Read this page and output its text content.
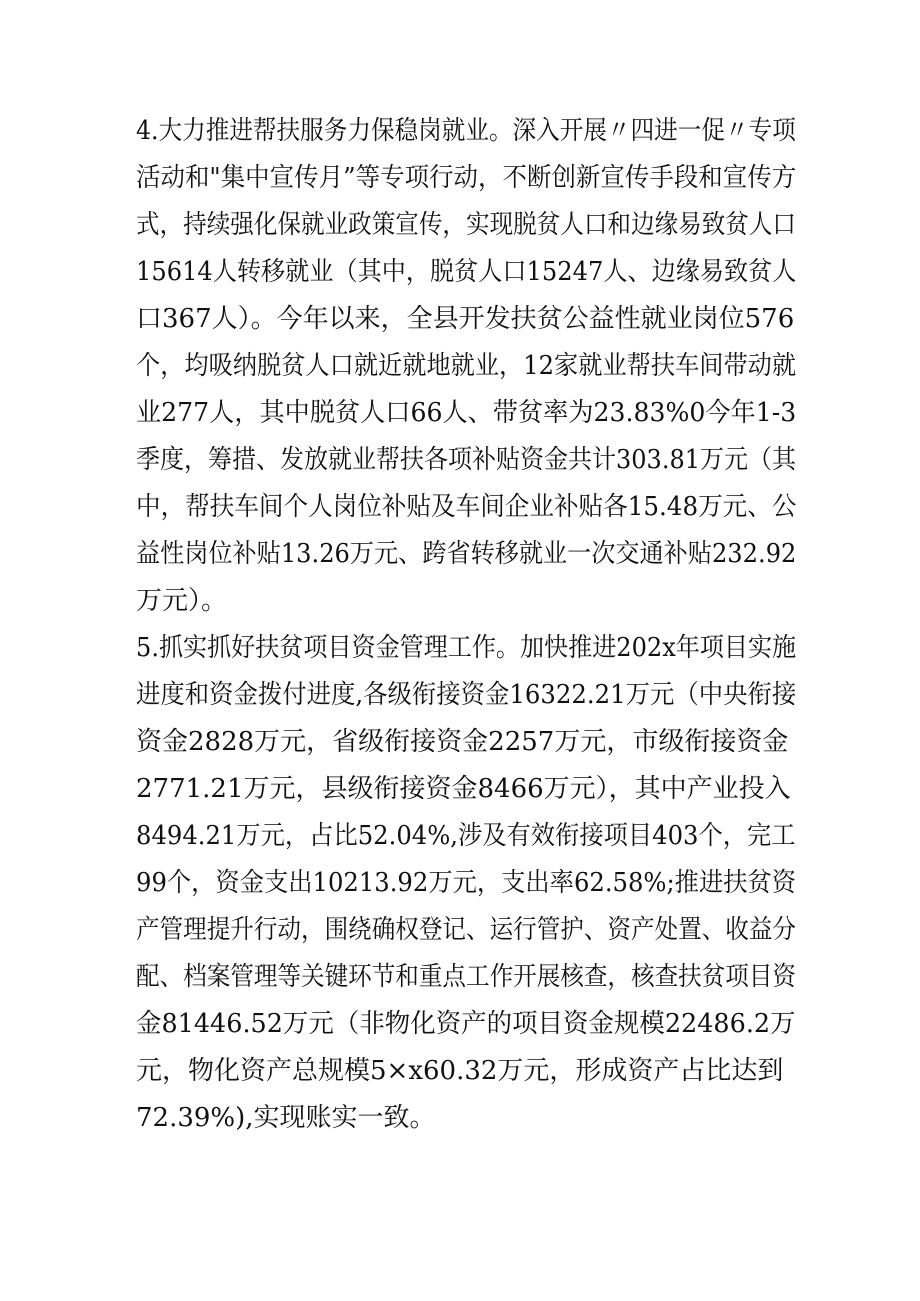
4.大力推进帮扶服务力保稳岗就业。深入开展〃四进一促〃专项
活动和"集中宣传月”等专项行动，不断创新宣传手段和宣传方
式，持续强化保就业政策宣传，实现脱贫人口和边缘易致贫人口
15614人转移就业（其中，脱贫人口15247人、边缘易致贫人
口367人）。今年以来，全县开发扶贫公益性就业岗位576
个，均吸纳脱贫人口就近就地就业，12家就业帮扶车间带动就
业277人，其中脱贫人口66人、带贫率为23.83%0今年1-3
季度，筹措、发放就业帮扶各项补贴资金共计303.81万元（其
中，帮扶车间个人岗位补贴及车间企业补贴各15.48万元、公
益性岗位补贴13.26万元、跨省转移就业一次交通补贴232.92
万元）。
5.抓实抓好扶贫项目资金管理工作。加快推进202x年项目实施
进度和资金拨付进度,各级衔接资金16322.21万元（中央衔接
资金2828万元，省级衔接资金2257万元，市级衔接资金
2771.21万元，县级衔接资金8466万元），其中产业投入
8494.21万元，占比52.04%,涉及有效衔接项目403个，完工
99个，资金支出10213.92万元，支出率62.58%;推进扶贫资
产管理提升行动，围绕确权登记、运行管护、资产处置、收益分
配、档案管理等关键环节和重点工作开展核查，核查扶贫项目资
金81446.52万元（非物化资产的项目资金规模22486.2万
元，物化资产总规模5×x60.32万元，形成资产占比达到
72.39%),实现账实一致。
